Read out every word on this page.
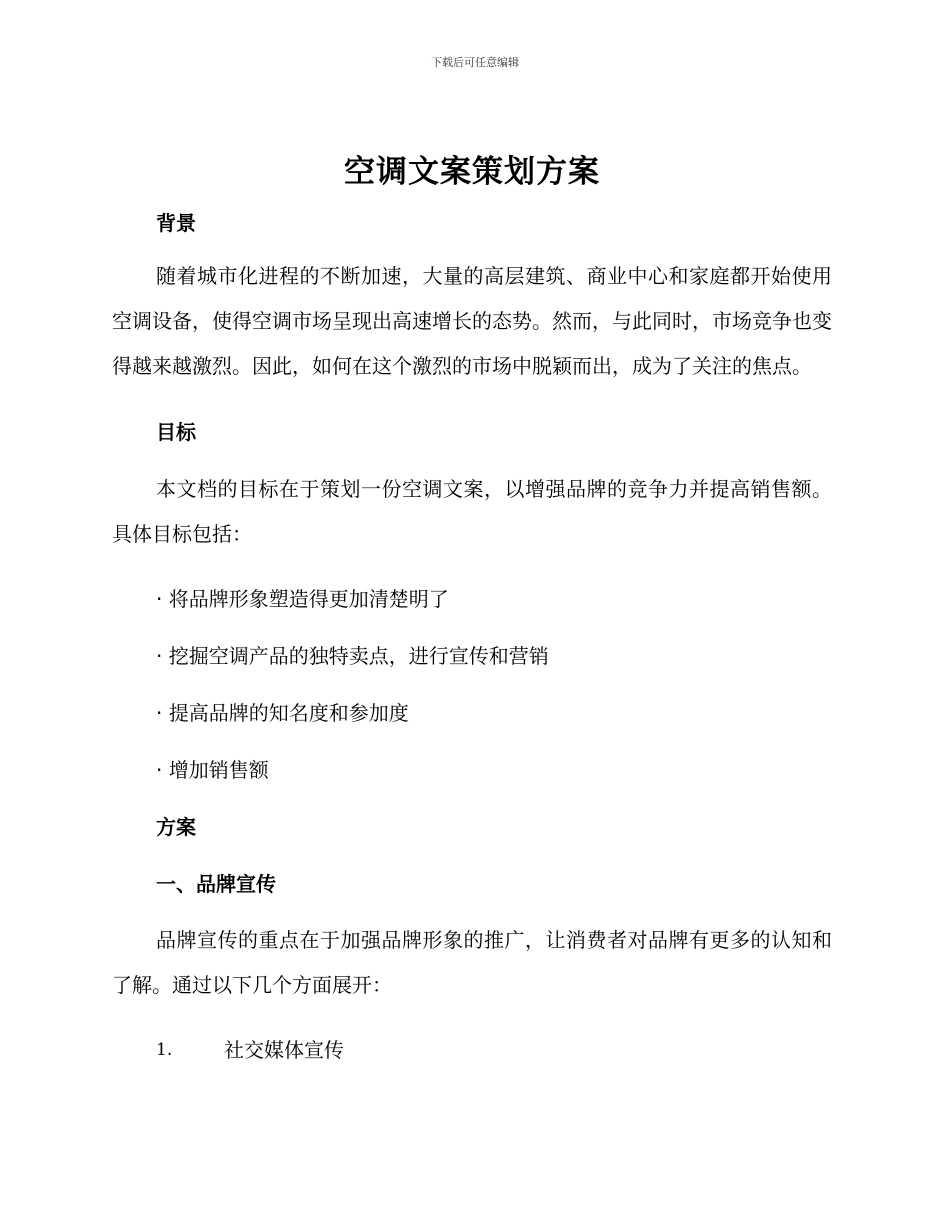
下载后可任意编辑
空调文案策划方案
背景

随着城市化进程的不断加速，大量的高层建筑、商业中心和家庭都开始使用空调设备，使得空调市场呈现出高速增长的态势。然而，与此同时，市场竞争也变得越来越激烈。因此，如何在这个激烈的市场中脱颖而出，成为了关注的焦点。

目标

本文档的目标在于策划一份空调文案，以增强品牌的竞争力并提高销售额。具体目标包括：

· 将品牌形象塑造得更加清楚明了

· 挖掘空调产品的独特卖点，进行宣传和营销

· 提高品牌的知名度和参加度

· 增加销售额

方案
一、品牌宣传

品牌宣传的重点在于加强品牌形象的推广，让消费者对品牌有更多的认知和了解。通过以下几个方面展开：

1.	社交媒体宣传
